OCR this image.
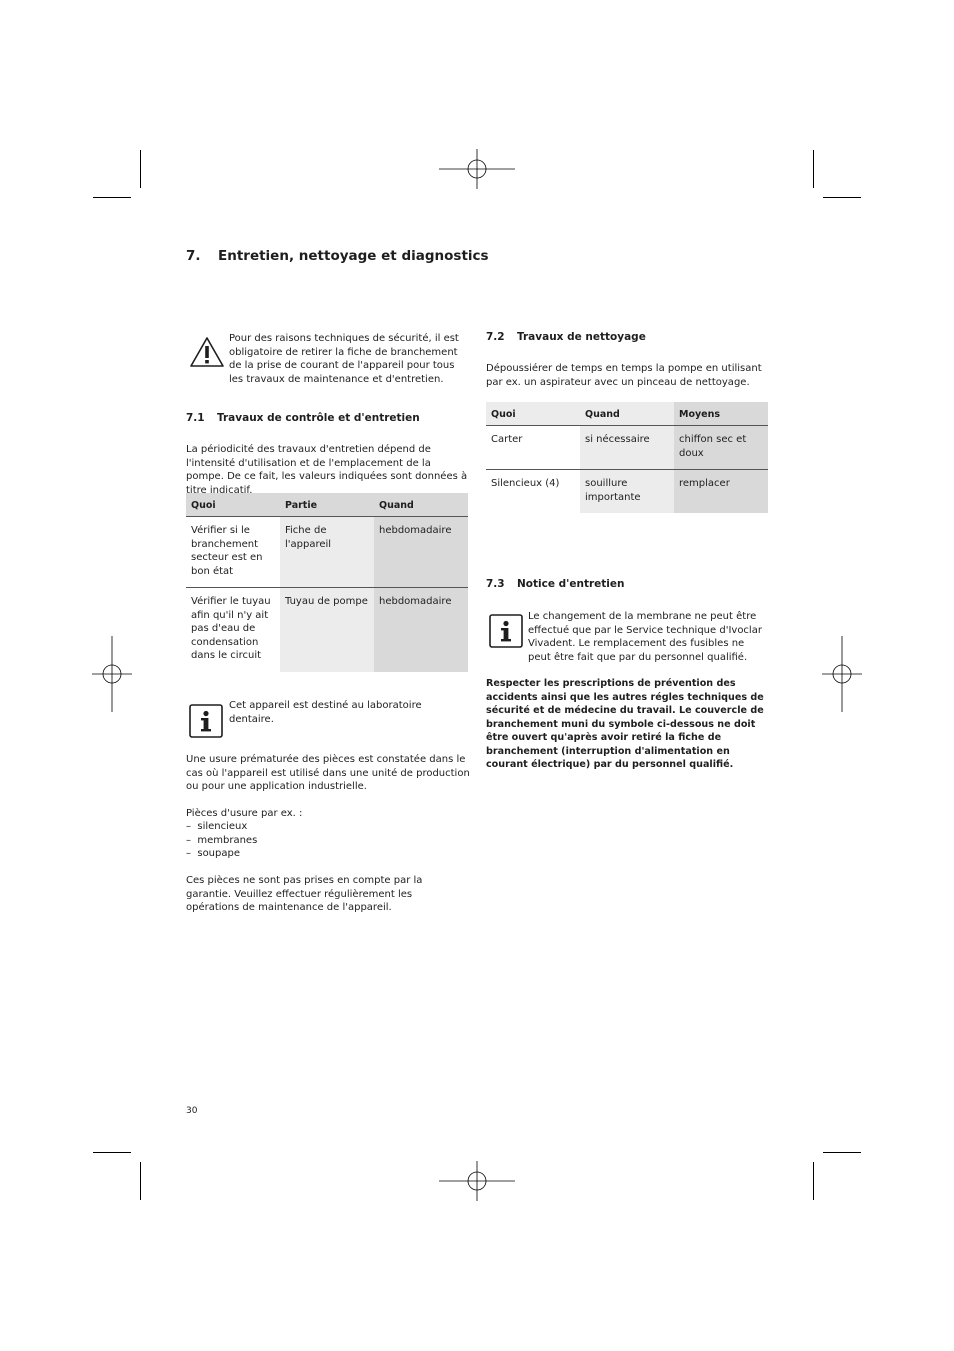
7. Entretien, nettoyage et diagnostics

Pour des raisons techniques de sécurité, il est obligatoire de retirer la fiche de branchement de la prise de courant de l'appareil pour tous les travaux de maintenance et d'entretien.

7.1 Travaux de contrôle et d'entretien

La périodicité des travaux d'entretien dépend de l'intensité d'utilisation et de l'emplacement de la pompe. De ce fait, les valeurs indiquées sont données à titre indicatif.

Quoi	Partie	Quand
Vérifier si le branchement secteur est en bon état	Fiche de l'appareil	hebdomadaire
Vérifier le tuyau afin qu'il n'y ait pas d'eau de condensation dans le circuit	Tuyau de pompe	hebdomadaire

Cet appareil est destiné au laboratoire dentaire.

Une usure prématurée des pièces est constatée dans le cas où l'appareil est utilisé dans une unité de production ou pour une application industrielle.

Pièces d'usure par ex. :

–  silencieux

–  membranes

–  soupape

Ces pièces ne sont pas prises en compte par la garantie. Veuillez effectuer régulièrement les opérations de maintenance de l'appareil.

7.2 Travaux de nettoyage

Dépoussiérer de temps en temps la pompe en utilisant par ex. un aspirateur avec un pinceau de nettoyage.

Quoi	Quand	Moyens
Carter	si nécessaire	chiffon sec et doux
Silencieux (4)	souillure importante	remplacer
7.3 Notice d'entretien

Le changement de la membrane ne peut être effectué que par le Service technique d'Ivoclar Vivadent. Le remplacement des fusibles ne peut être fait que par du personnel qualifié.

Respecter les prescriptions de prévention des accidents ainsi que les autres régles techniques de sécurité et de médecine du travail. Le couvercle de branchement muni du symbole ci-dessous ne doit être ouvert qu'après avoir retiré la fiche de branchement (interruption d'alimentation en courant électrique) par du personnel qualifié.

30
